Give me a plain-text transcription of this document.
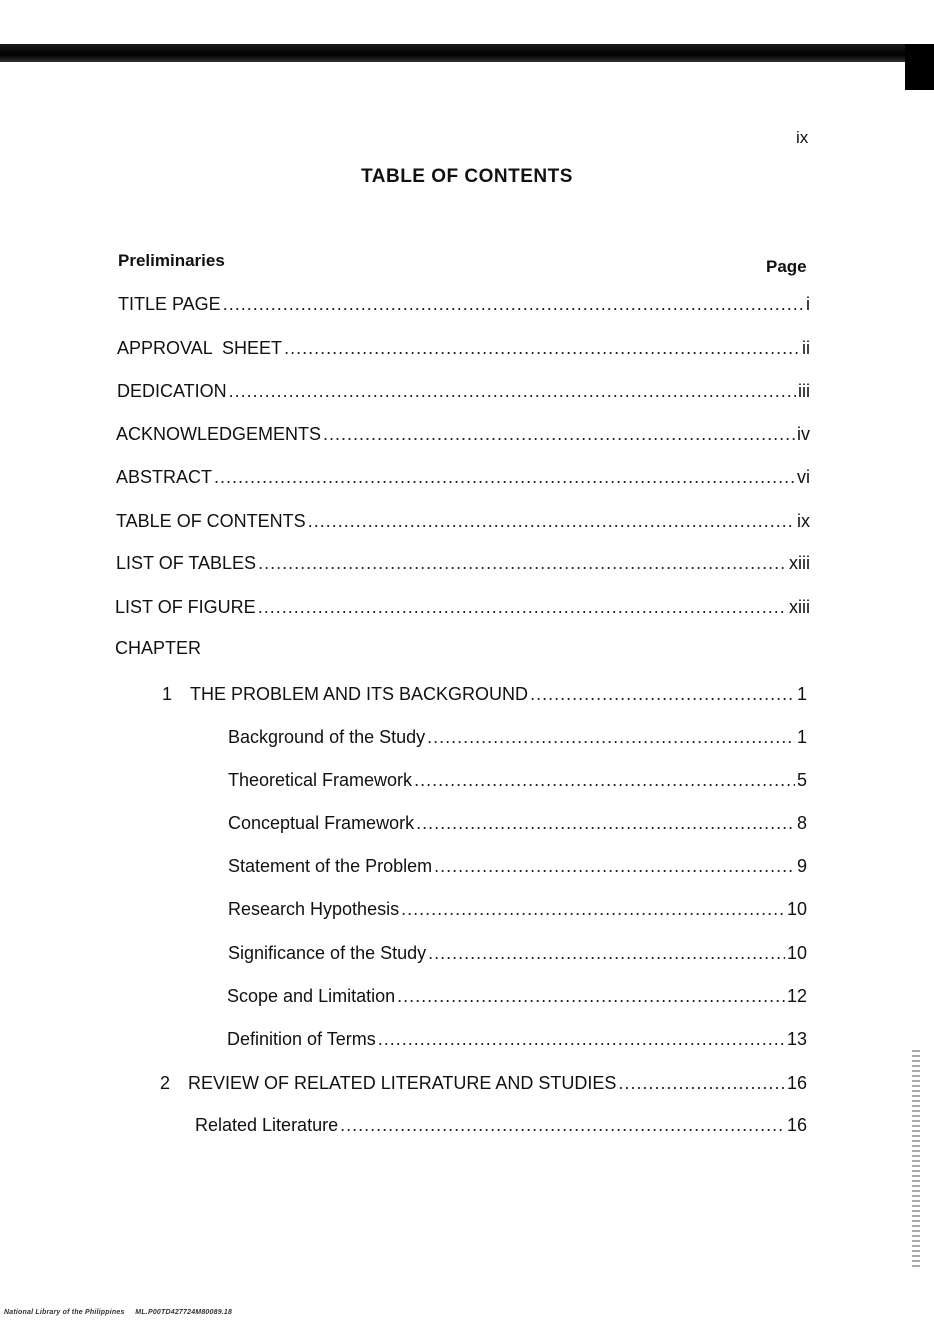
ix
TABLE OF CONTENTS
Preliminaries	Page
TITLE PAGE .....	i
APPROVAL  SHEET .....	ii
DEDICATION .....	iii
ACKNOWLEDGEMENTS .....	iv
ABSTRACT .....	vi
TABLE OF CONTENTS .....	ix
LIST OF TABLES .....	xiii
LIST OF FIGURE .....	xiii
CHAPTER
1 THE PROBLEM AND ITS BACKGROUND .....	1
Background of the Study .....	1
Theoretical Framework .....	5
Conceptual Framework .....	8
Statement of the Problem .....	9
Research Hypothesis .....	10
Significance of the Study .....	10
Scope and Limitation .....	12
Definition of Terms .....	13
2 REVIEW OF RELATED LITERATURE AND STUDIES .....	16
Related Literature .....	16
National Library of the Philippines     ML.P00TD427724M80089.18
